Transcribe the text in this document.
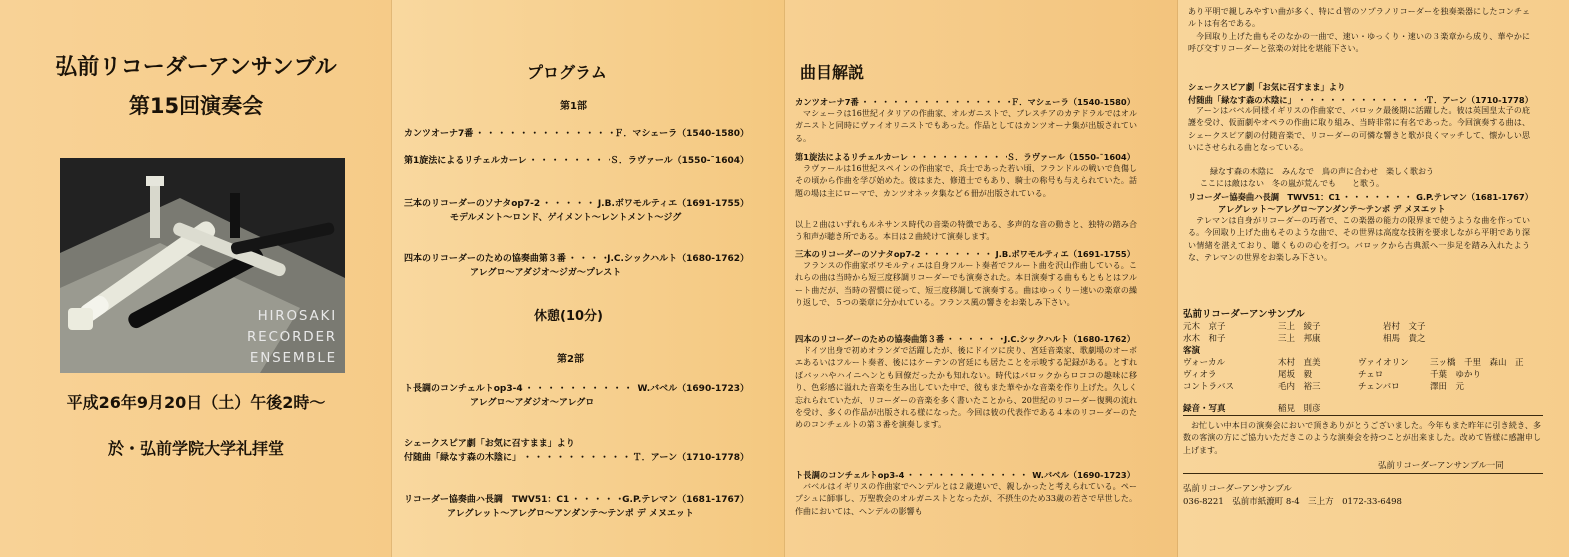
弘前リコーダーアンサンブル
第15回演奏会
HIROSAKI
RECORDER
ENSEMBLE
平成26年9月20日（土）午後2時～
於・弘前学院大学礼拝堂
プログラム
第1部
カンツオーナ7番 ・・・・・・・・・・・・・・・・・・・・・・・・・・・・・・・・	Ｆ．マシェーラ（1540-1580）
第1旋法によるリチェルカーレ ・・・・・・・・・・・・・・・・・・・・・・・・・・・・・・・・	Ｓ．ラヴァール（1550-¯1604）
三本のリコーダーのソナタop7-2 ・・・・・・・・・・・・・・・・・・・・・・・・・・・・・・・・	J.B.ボワモルティエ（1691-1755）
モデルメント～ロンド、ゲイメント～レントメント～ジグ
四本のリコーダーのための協奏曲第３番 ・・・・・・・・・・・・・・・・・・・・・・・・・・・・・・・・	J.C.シックハルト（1680-1762）
アレグロ～アダジオ～ジガ～プレスト
休憩(10分)
第2部
ト長調のコンチェルトop3-4 ・・・・・・・・・・・・・・・・・・・・・・・・・・・・・・・・	W.バベル（1690-1723）
アレグロ～アダジオ～アレグロ
シェークスピア劇「お気に召すまま」より
付随曲「緑なす森の木陰に」 ・・・・・・・・・・・・・・・・・・・・・・・・・・・・・・・・	Ｔ．アーン（1710-1778）
リコーダー協奏曲ハ長調　TWV51：C1 ・・・・・・・・・・・・・・・・・・・・・・・・・・・・・・・・	G.P.テレマン（1681-1767）
アレグレット～アレグロ～アンダンテ～テンポ デ メヌエット
曲目解説
カンツオーナ7番 ・・・・・・・・・・・・・・・・・・・・・・・・・・・・	Ｆ．マシェーラ（1540-1580）
マシェーラは16世紀イタリアの作曲家、オルガニストで、ブレスチアのカテドラルではオルガニストと同時にヴァイオリニストでもあった。作品としてはカンツオーナ集が出版されている。
第1旋法によるリチェルカーレ ・・・・・・・・・・・・・・・・・・・・・・・・・・・・	Ｓ．ラヴァール（1550-¯1604）
ラヴァールは16世紀スペインの作曲家で、兵士であった若い頃、フランドルの戦いで負傷しその頃から作曲を学び始めた。彼はまた、修道士でもあり、騎士の称号も与えられていた。話題の場は主にローマで、カンツオネッタ集など６冊が出版されている。
以上２曲はいずれもルネサンス時代の音楽の特徴である、多声的な音の動きと、独特の踏み合う和声が聴き所である。本日は２曲続けて演奏します。
三本のリコーダーのソナタop7-2 ・・・・・・・・・・・・・・・・・・・・・・・・・・・・	J.B.ボワモルティエ（1691-1755）
フランスの作曲家ボワモルティエは自身フルート奏者でフルート曲を沢山作曲している。これらの曲は当時から短三度移調リコーダーでも演奏された。本日演奏する曲ももともとはフルート曲だが、当時の習慣に従って、短三度移調して演奏する。曲はゆっくり－速いの楽章の繰り返しで、５つの楽章に分かれている。フランス風の響きをお楽しみ下さい。
四本のリコーダーのための協奏曲第３番 ・・・・・・・・・・・・・・・・・・・・・・・・・・・・	J.C.シックハルト（1680-1762）
ドイツ出身で初めオランダで活躍したが、後にドイツに戻り、宮廷音楽家、歌劇場のオーボエあるいはフルート奏者、後にはケーテンの宮廷にも居たことを示唆する記録がある。とすればバッハやハイニヘンとも回僚だったかも知れない。時代はバロックからロココの趣味に移り、色彩感に溢れた音楽を生み出していた中で、彼もまた華やかな音楽を作り上げた。久しく忘れられていたが、リコーダーの音楽を多く書いたことから、20世紀のリコーダー復興の流れを受け、多くの作品が出版される様になった。今回は彼の代表作である４本のリコーダーのためのコンチェルトの第３番を演奏します。
ト長調のコンチェルトop3-4 ・・・・・・・・・・・・・・・・・・・・・・・・・・・・	W.バベル（1690-1723）
バベルはイギリスの作曲家でヘンデルとは２歳違いで、親しかったと考えられている。ペープシュに師事し、万聖教会のオルガニストとなったが、不摂生のため33歳の若さで早世した。作曲においては、ヘンデルの影響も
あり平明で親しみやすい曲が多く、特にｄ管のソプラノリコーダーを独奏楽器にしたコンチェルトは有名である。
今回取り上げた曲もそのなかの一曲で、速い・ゆっくり・速いの３楽章から成り、華やかに呼び交すリコーダーと弦楽の対比を堪能下さい。
シェークスピア劇「お気に召すまま」より
付随曲「緑なす森の木陰に」 ・・・・・・・・・・・・・・・・・・・・・・・・・・・・	Ｔ．アーン（1710-1778）
アーンはバベル同様イギリスの作曲家で、バロック最後期に活躍した。彼は英国皇太子の庇護を受け、仮面劇やオペラの作曲に取り組み、当時非常に有名であった。今回演奏する曲は、シェークスピア劇の付随音楽で、リコーダーの可憐な響きと歌が良くマッチして、懐かしい思いにさせられる曲となっている。
緑なす森の木陰に　みんなで　鳥の声に合わせ　楽しく歌おう
ここには敵はない　冬の嵐が荒んでも　　と歌う。
リコーダー協奏曲ハ長調　TWV51：C1 ・・・・・・・・・・・・・・・・・・・・・・・・・・・・	G.P.テレマン（1681-1767）
アレグレット～アレグロ～アンダンテ～テンポ デ メヌエット
テレマンは自身がリコーダーの巧者で、この楽器の能力の限界まで使うような曲を作っている。今回取り上げた曲もそのような曲で、その世界は高度な技術を要求しながら平明であり深い情緒を湛えており、聴くものの心を打つ。バロックから古典派へ一歩足を踏み入れたような、テレマンの世界をお楽しみ下さい。
弘前リコーダーアンサンブル
元木　京子	三上　綾子	岩村　文子
水木　和子	三上　邦康	相馬　貴之
客演
ヴォーカル	木村　直美	ヴァイオリン	三ッ橋　千里　森山　正
ヴィオラ	尾坂　毅	チェロ	千葉　ゆかり
コントラバス	毛内　裕三	チェンバロ	澤田　元
録音・写真	稲見　則彦
お忙しい中本日の演奏会においで頂きありがとうございました。今年もまた昨年に引き続き、多数の客演の方にご協力いただきこのような演奏会を持つことが出来ました。改めて皆様に感謝申し上げます。
弘前リコーダーアンサンブル一同
弘前リコーダーアンサンブル
036-8221　弘前市紙漉町 8-4　三上方　0172-33-6498
